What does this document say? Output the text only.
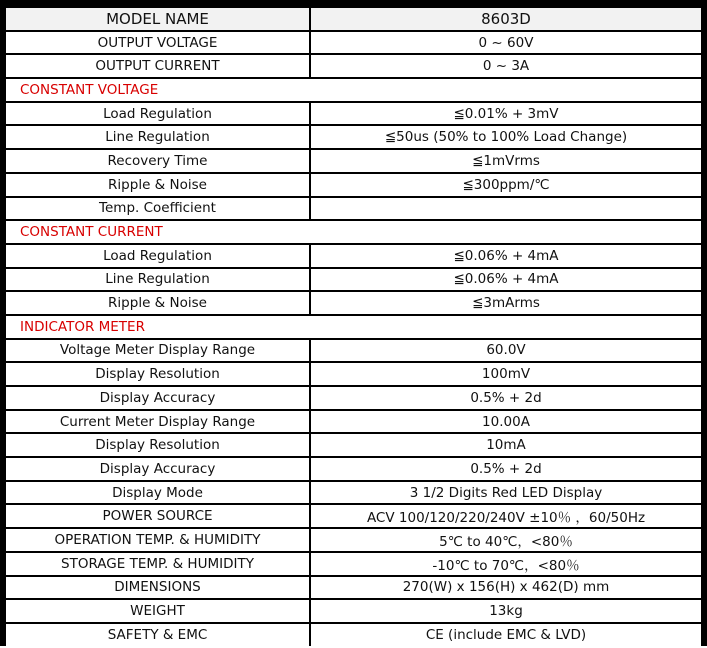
MODEL NAME	8603D
OUTPUT VOLTAGE	0 ~ 60V
OUTPUT CURRENT	0 ~ 3A
CONSTANT VOLTAGE	
Load Regulation	≦0.01% + 3mV
Line Regulation	≦50us (50% to 100% Load Change)
Recovery Time	≦1mVrms
Ripple & Noise	≦300ppm/℃
Temp. Coefficient	
CONSTANT CURRENT	
Load Regulation	≦0.06% + 4mA
Line Regulation	≦0.06% + 4mA
Ripple & Noise	≦3mArms
INDICATOR METER	
Voltage Meter Display Range	60.0V
Display Resolution	100mV
Display Accuracy	0.5% + 2d
Current Meter Display Range	10.00A
Display Resolution	10mA
Display Accuracy	0.5% + 2d
Display Mode	3 1/2 Digits Red LED Display
POWER SOURCE	ACV 100/120/220/240V ±10％ ，60/50Hz
OPERATION TEMP. & HUMIDITY	5℃ to 40℃，<80％
STORAGE TEMP. & HUMIDITY	-10℃ to 70℃，<80％
DIMENSIONS	270(W) x 156(H) x 462(D) mm
WEIGHT	13kg
SAFETY & EMC	CE (include EMC & LVD)
